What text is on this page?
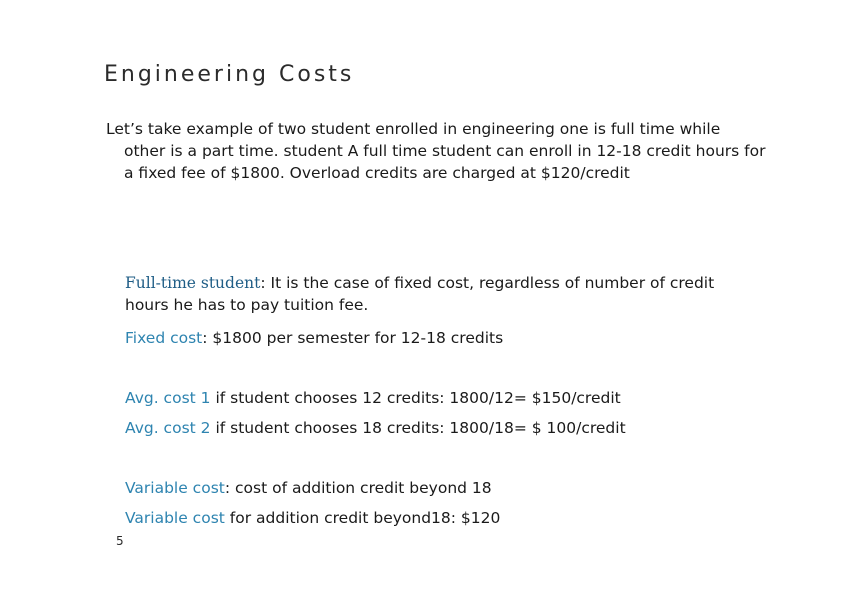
Engineering Costs
Let’s take example of two student enrolled in engineering one is full time while
other is a part time. student A full time student can enroll in 12-18 credit hours for a fixed fee of $1800. Overload credits are charged at $120/credit
Full-time student: It is the case of fixed cost, regardless of number of credit hours he has to pay tuition fee.
Fixed cost: $1800 per semester for 12-18 credits
Avg. cost 1 if student chooses 12 credits: 1800/12= $150/credit
Avg. cost 2 if student chooses 18 credits: 1800/18= $ 100/credit
Variable cost: cost of addition credit beyond 18
Variable cost for addition credit beyond18: $120
5
